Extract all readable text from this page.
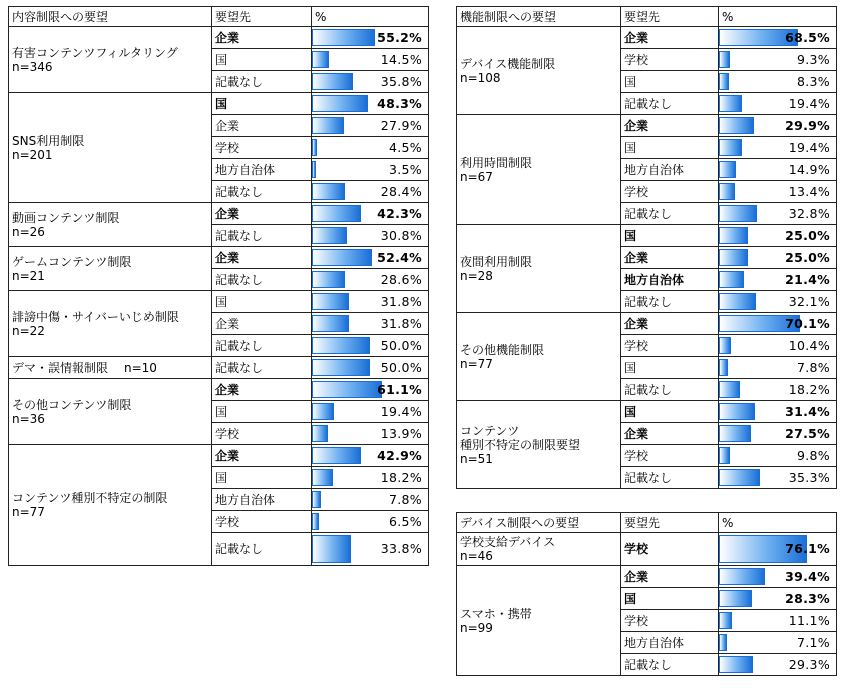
内容制限への要望	要望先	%
有害コンテンツフィルタリング
n=346	企業	55.2%

	国	14.5%

	記載なし	35.8%

SNS利用制限
n=201	国	48.3%

	企業	27.9%

	学校	4.5%

	地方自治体	3.5%

	記載なし	28.4%

動画コンテンツ制限
n=26	企業	42.3%

	記載なし	30.8%

ゲームコンテンツ制限
n=21	企業	52.4%

	記載なし	28.6%

誹謗中傷・サイバーいじめ制限
n=22	国	31.8%

	企業	31.8%

	記載なし	50.0%

デマ・誤情報制限 n=10	記載なし	50.0%

その他コンテンツ制限
n=36	企業	61.1%

	国	19.4%

	学校	13.9%

コンテンツ種別不特定の制限
n=77	企業	42.9%

	国	18.2%

	地方自治体	7.8%

	学校	6.5%

	記載なし	33.8%
機能制限への要望	要望先	%
デバイス機能制限
n=108	企業	68.5%

	学校	9.3%

	国	8.3%

	記載なし	19.4%

利用時間制限
n=67	企業	29.9%

	国	19.4%

	地方自治体	14.9%

	学校	13.4%

	記載なし	32.8%

夜間利用制限
n=28	国	25.0%

	企業	25.0%

	地方自治体	21.4%

	記載なし	32.1%

その他機能制限
n=77	企業	70.1%

	学校	10.4%

	国	7.8%

	記載なし	18.2%

コンテンツ
種別不特定の制限要望
n=51	国	31.4%

	企業	27.5%

	学校	9.8%

	記載なし	35.3%
デバイス制限への要望	要望先	%
学校支給デバイス
n=46	学校	76.1%

スマホ・携帯
n=99	企業	39.4%

	国	28.3%

	学校	11.1%

	地方自治体	7.1%

	記載なし	29.3%
